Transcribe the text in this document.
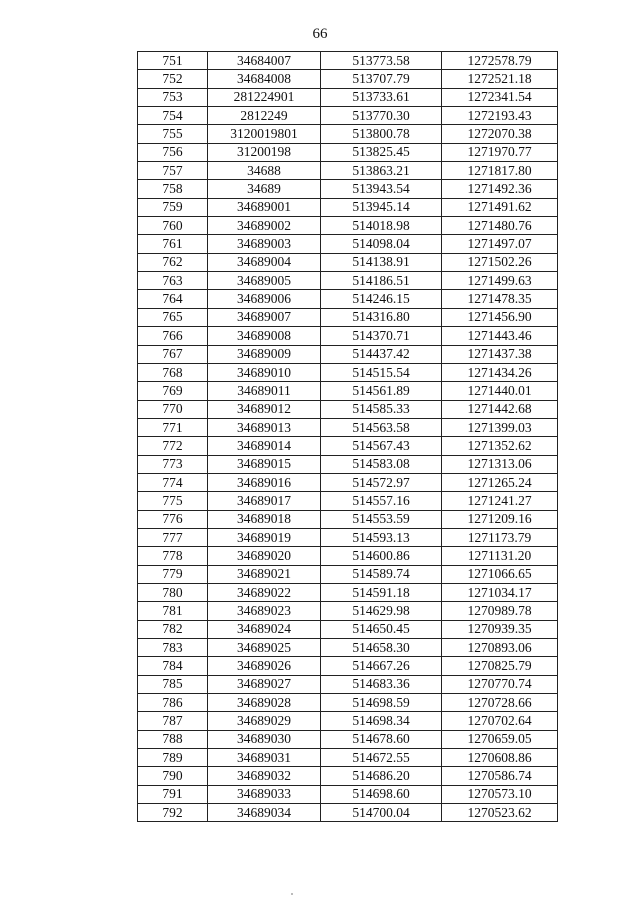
66
751	34684007	513773.58	1272578.79
752	34684008	513707.79	1272521.18
753	281224901	513733.61	1272341.54
754	2812249	513770.30	1272193.43
755	3120019801	513800.78	1272070.38
756	31200198	513825.45	1271970.77
757	34688	513863.21	1271817.80
758	34689	513943.54	1271492.36
759	34689001	513945.14	1271491.62
760	34689002	514018.98	1271480.76
761	34689003	514098.04	1271497.07
762	34689004	514138.91	1271502.26
763	34689005	514186.51	1271499.63
764	34689006	514246.15	1271478.35
765	34689007	514316.80	1271456.90
766	34689008	514370.71	1271443.46
767	34689009	514437.42	1271437.38
768	34689010	514515.54	1271434.26
769	34689011	514561.89	1271440.01
770	34689012	514585.33	1271442.68
771	34689013	514563.58	1271399.03
772	34689014	514567.43	1271352.62
773	34689015	514583.08	1271313.06
774	34689016	514572.97	1271265.24
775	34689017	514557.16	1271241.27
776	34689018	514553.59	1271209.16
777	34689019	514593.13	1271173.79
778	34689020	514600.86	1271131.20
779	34689021	514589.74	1271066.65
780	34689022	514591.18	1271034.17
781	34689023	514629.98	1270989.78
782	34689024	514650.45	1270939.35
783	34689025	514658.30	1270893.06
784	34689026	514667.26	1270825.79
785	34689027	514683.36	1270770.74
786	34689028	514698.59	1270728.66
787	34689029	514698.34	1270702.64
788	34689030	514678.60	1270659.05
789	34689031	514672.55	1270608.86
790	34689032	514686.20	1270586.74
791	34689033	514698.60	1270573.10
792	34689034	514700.04	1270523.62
